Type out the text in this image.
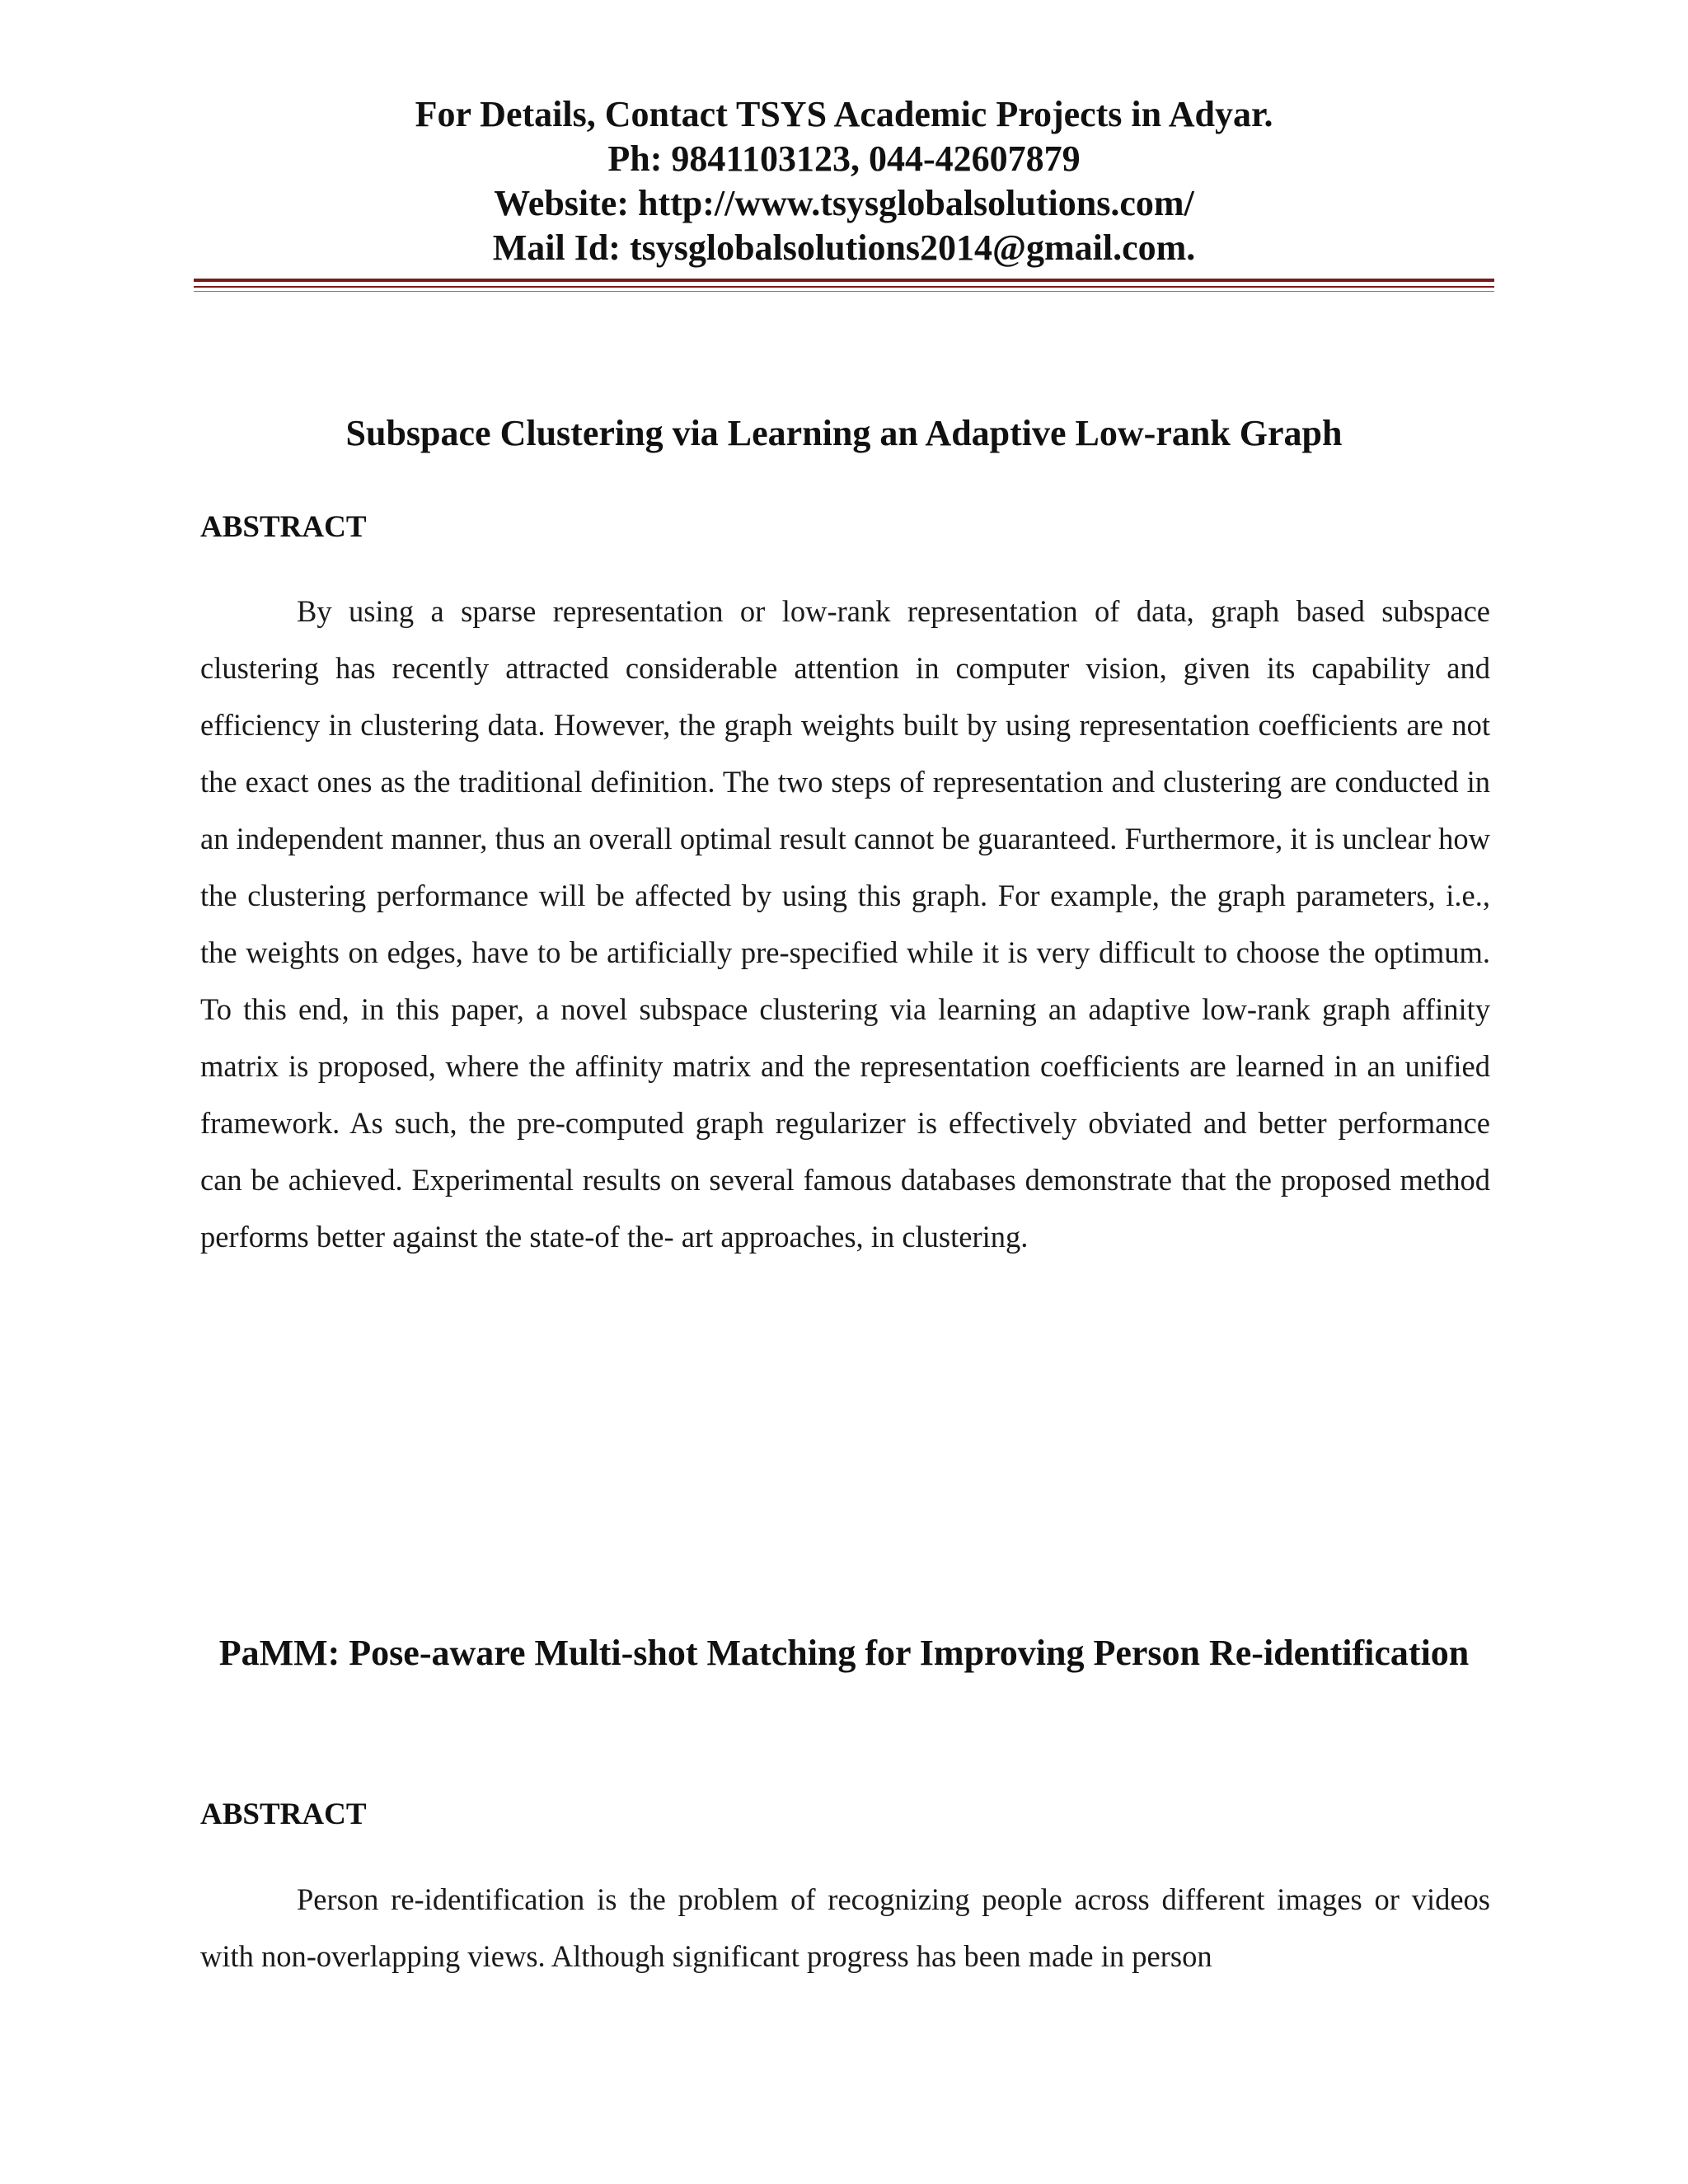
For Details, Contact TSYS Academic Projects in Adyar.
Ph: 9841103123, 044-42607879
Website: http://www.tsysglobalsolutions.com/
Mail Id: tsysglobalsolutions2014@gmail.com.
Subspace Clustering via Learning an Adaptive Low-rank Graph
ABSTRACT

By using a sparse representation or low-rank representation of data, graph based subspace clustering has recently attracted considerable attention in computer vision, given its capability and efficiency in clustering data. However, the graph weights built by using representation coefficients are not the exact ones as the traditional definition. The two steps of representation and clustering are conducted in an independent manner, thus an overall optimal result cannot be guaranteed. Furthermore, it is unclear how the clustering performance will be affected by using this graph. For example, the graph parameters, i.e., the weights on edges, have to be artificially pre-specified while it is very difficult to choose the optimum. To this end, in this paper, a novel subspace clustering via learning an adaptive low-rank graph affinity matrix is proposed, where the affinity matrix and the representation coefficients are learned in an unified framework. As such, the pre-computed graph regularizer is effectively obviated and better performance can be achieved. Experimental results on several famous databases demonstrate that the proposed method performs better against the state-of the- art approaches, in clustering.

PaMM: Pose-aware Multi-shot Matching for Improving Person Re-identification
ABSTRACT

Person re-identification is the problem of recognizing people across different images or videos with non-overlapping views. Although significant progress has been made in person
